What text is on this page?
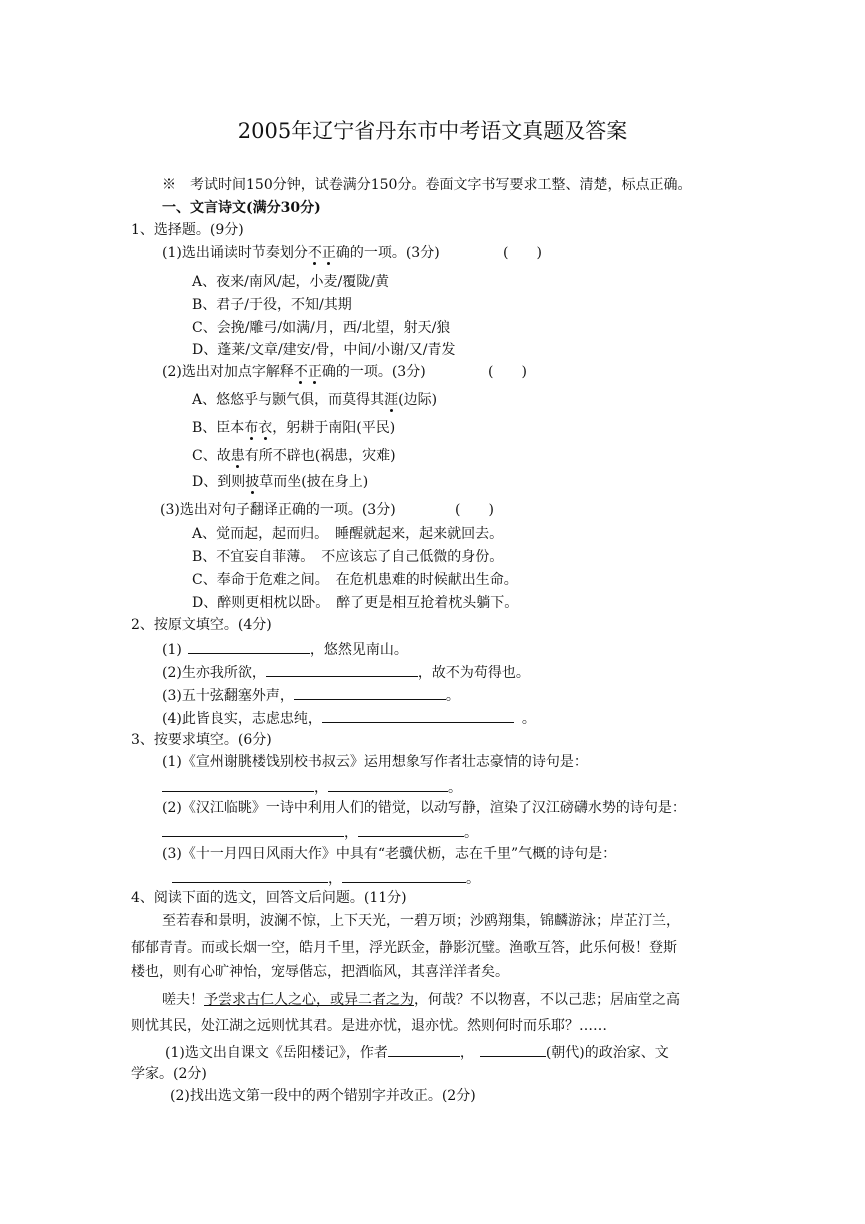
2005年辽宁省丹东市中考语文真题及答案
※　考试时间150分钟，试卷满分150分。卷面文字书写要求工整、清楚，标点正确。
一、文言诗文(满分30分)
1、选择题。(9分)
(1)选出诵读时节奏划分不正确的一项。(3分)	(　　)
A、夜来/南风/起，小麦/覆陇/黄
B、君子/于役，不知/其期
C、会挽/雕弓/如满/月，西/北望，射天/狼
D、蓬莱/文章/建安/骨，中间/小谢/又/青发
(2)选出对加点字解释不正确的一项。(3分)	(　　)
A、悠悠乎与颢气俱，而莫得其涯(边际)
B、臣本布衣，躬耕于南阳(平民)
C、故患有所不辟也(祸患，灾难)
D、到则披草而坐(披在身上)
(3)选出对句子翻译正确的一项。(3分)	(　　)
A、觉而起，起而归。　睡醒就起来，起来就回去。
B、不宜妄自菲薄。　不应该忘了自己低微的身份。
C、奉命于危难之间。　在危机患难的时候献出生命。
D、醉则更相枕以卧。　醉了更是相互抢着枕头躺下。
2、按原文填空。(4分)
(1)	，悠然见南山。
(2)生亦我所欲，	，故不为苟得也。
(3)五十弦翻塞外声，	。
(4)此皆良实，志虑忠纯，	。
3、按要求填空。(6分)
(1)《宣州谢朓楼饯别校书叔云》运用想象写作者壮志豪情的诗句是：
，	。
(2)《汉江临眺》一诗中利用人们的错觉，以动写静，渲染了汉江磅礴水势的诗句是：
，	。
(3)《十一月四日风雨大作》中具有“老骥伏枥，志在千里”气概的诗句是：
，	。
4、阅读下面的选文，回答文后问题。(11分)
至若春和景明，波澜不惊，上下天光，一碧万顷；沙鸥翔集，锦麟游泳；岸芷汀兰，
郁郁青青。而或长烟一空，皓月千里，浮光跃金，静影沉璧。渔歌互答，此乐何极！登斯
楼也，则有心旷神怡，宠辱偕忘，把酒临风，其喜洋洋者矣。
嗟夫！予尝求古仁人之心，或异二者之为，何哉？不以物喜，不以己悲；居庙堂之高
则忧其民，处江湖之远则忧其君。是进亦忧，退亦忧。然则何时而乐耶？……
(1)选文出自课文《岳阳楼记》，作者	，	(朝代)的政治家、文
学家。(2分)
(2)找出选文第一段中的两个错别字并改正。(2分)
